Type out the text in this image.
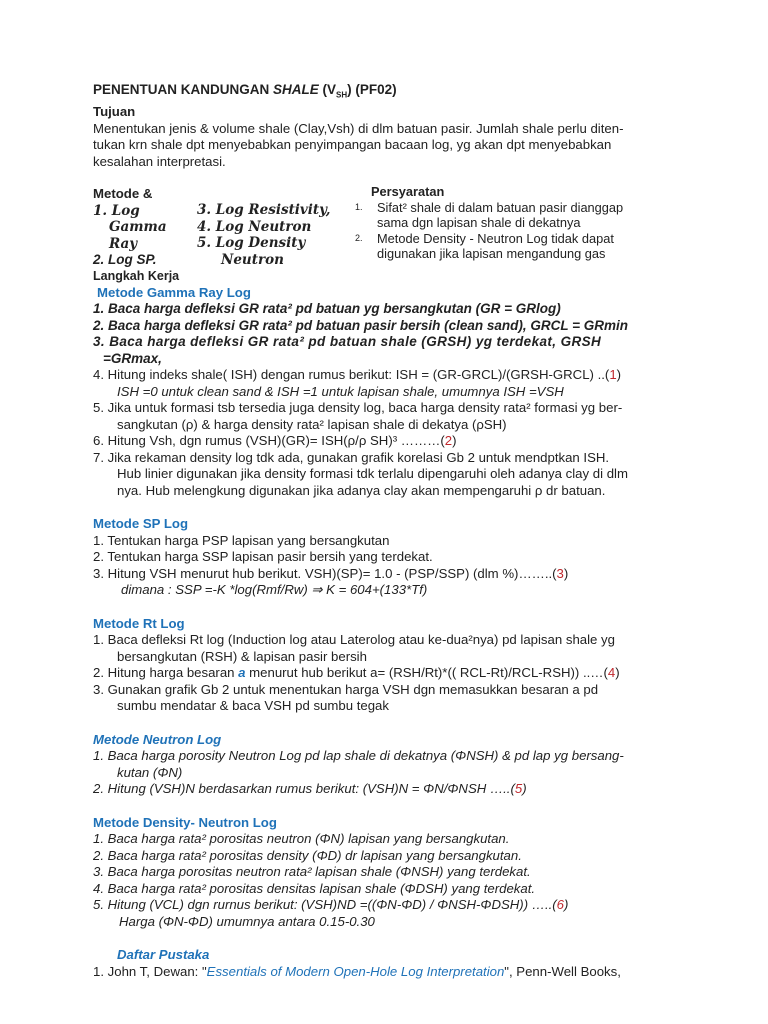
PENENTUAN KANDUNGAN SHALE $(V_{SH})$ (PF02)
Tujuan
Menentukan jenis & volume shale (Clay,Vsh) di dlm batuan pasir. Jumlah shale perlu diten-
tukan krn shale dpt menyebabkan penyimpangan bacaan log, yg akan dpt menyebabkan
kesalahan interpretasi.
Metode &
1. Log
Gamma
Ray
2. Log SP.
3. Log Resistivity,
4. Log Neutron
5. Log Density
Neutron
Persyaratan
1. Sifat² shale di dalam batuan pasir dianggap
sama dgn lapisan shale di dekatnya
2. Metode Density - Neutron Log tidak dapat
digunakan jika lapisan mengandung gas
Langkah Kerja
Metode Gamma Ray Log
1. Baca harga defleksi GR rata² pd batuan yg bersangkutan (GR = GRlog)
2. Baca harga defleksi GR rata² pd batuan pasir bersih (clean sand), GRCL = GRmin
3. Baca harga defleksi GR rata² pd batuan shale (GRSH) yg terdekat, GRSH
=GRmax,
4. Hitung indeks shale( ISH) dengan rumus berikut: ISH = (GR-GRCL)/(GRSH-GRCL) ..(1)
ISH =0 untuk clean sand & ISH =1 untuk lapisan shale, umumnya ISH =VSH
5. Jika untuk formasi tsb tersedia juga density log, baca harga density rata² formasi yg ber-
sangkutan (ρ) & harga density rata² lapisan shale di dekatya (ρSH)
6. Hitung Vsh, dgn rumus (VSH)(GR)= ISH(ρ/ρ SH)³ ………(2)
7. Jika rekaman density log tdk ada, gunakan grafik korelasi Gb 2 untuk mendptkan ISH.
Hub linier digunakan jika density formasi tdk terlalu dipengaruhi oleh adanya clay di dlm
nya. Hub melengkung digunakan jika adanya clay akan mempengaruhi ρ dr batuan.
Metode SP Log
1. Tentukan harga PSP lapisan yang bersangkutan
2. Tentukan harga SSP lapisan pasir bersih yang terdekat.
3. Hitung VSH menurut hub berikut. VSH)(SP)= 1.0 - (PSP/SSP) (dlm %)……..(3)
dimana : SSP =-K *log(Rmf/Rw) ⇒ K = 604+(133*Tf)
Metode Rt Log
1. Baca defleksi Rt log (Induction log atau Laterolog atau ke-dua²nya) pd lapisan shale yg
bersangkutan (RSH) & lapisan pasir bersih
2. Hitung harga besaran a menurut hub berikut a= (RSH/Rt)*(( RCL-Rt)/RCL-RSH)) ..…(4)
3. Gunakan grafik Gb 2 untuk menentukan harga VSH dgn memasukkan besaran a pd
sumbu mendatar & baca VSH pd sumbu tegak
Metode Neutron Log
1. Baca harga porosity Neutron Log pd lap shale di dekatnya (ΦNSH) & pd lap yg bersang-
kutan (ΦN)
2. Hitung (VSH)N berdasarkan rumus berikut: (VSH)N = ΦN/ΦNSH …..(5)
Metode Density- Neutron Log
1. Baca harga rata² porositas neutron (ΦN) lapisan yang bersangkutan.
2. Baca harga rata² porositas density (ΦD) dr lapisan yang bersangkutan.
3. Baca harga porositas neutron rata² lapisan shale (ΦNSH) yang terdekat.
4. Baca harga rata² porositas densitas lapisan shale (ΦDSH) yang terdekat.
5. Hitung (VCL) dgn rurnus berikut: (VSH)ND =((ΦN-ΦD) / ΦNSH-ΦDSH)) …..(6)
Harga (ΦN-ΦD) umumnya antara 0.15-0.30
Daftar Pustaka
1. John T, Dewan: "Essentials of Modern Open-Hole Log Interpretation", Penn-Well Books,
